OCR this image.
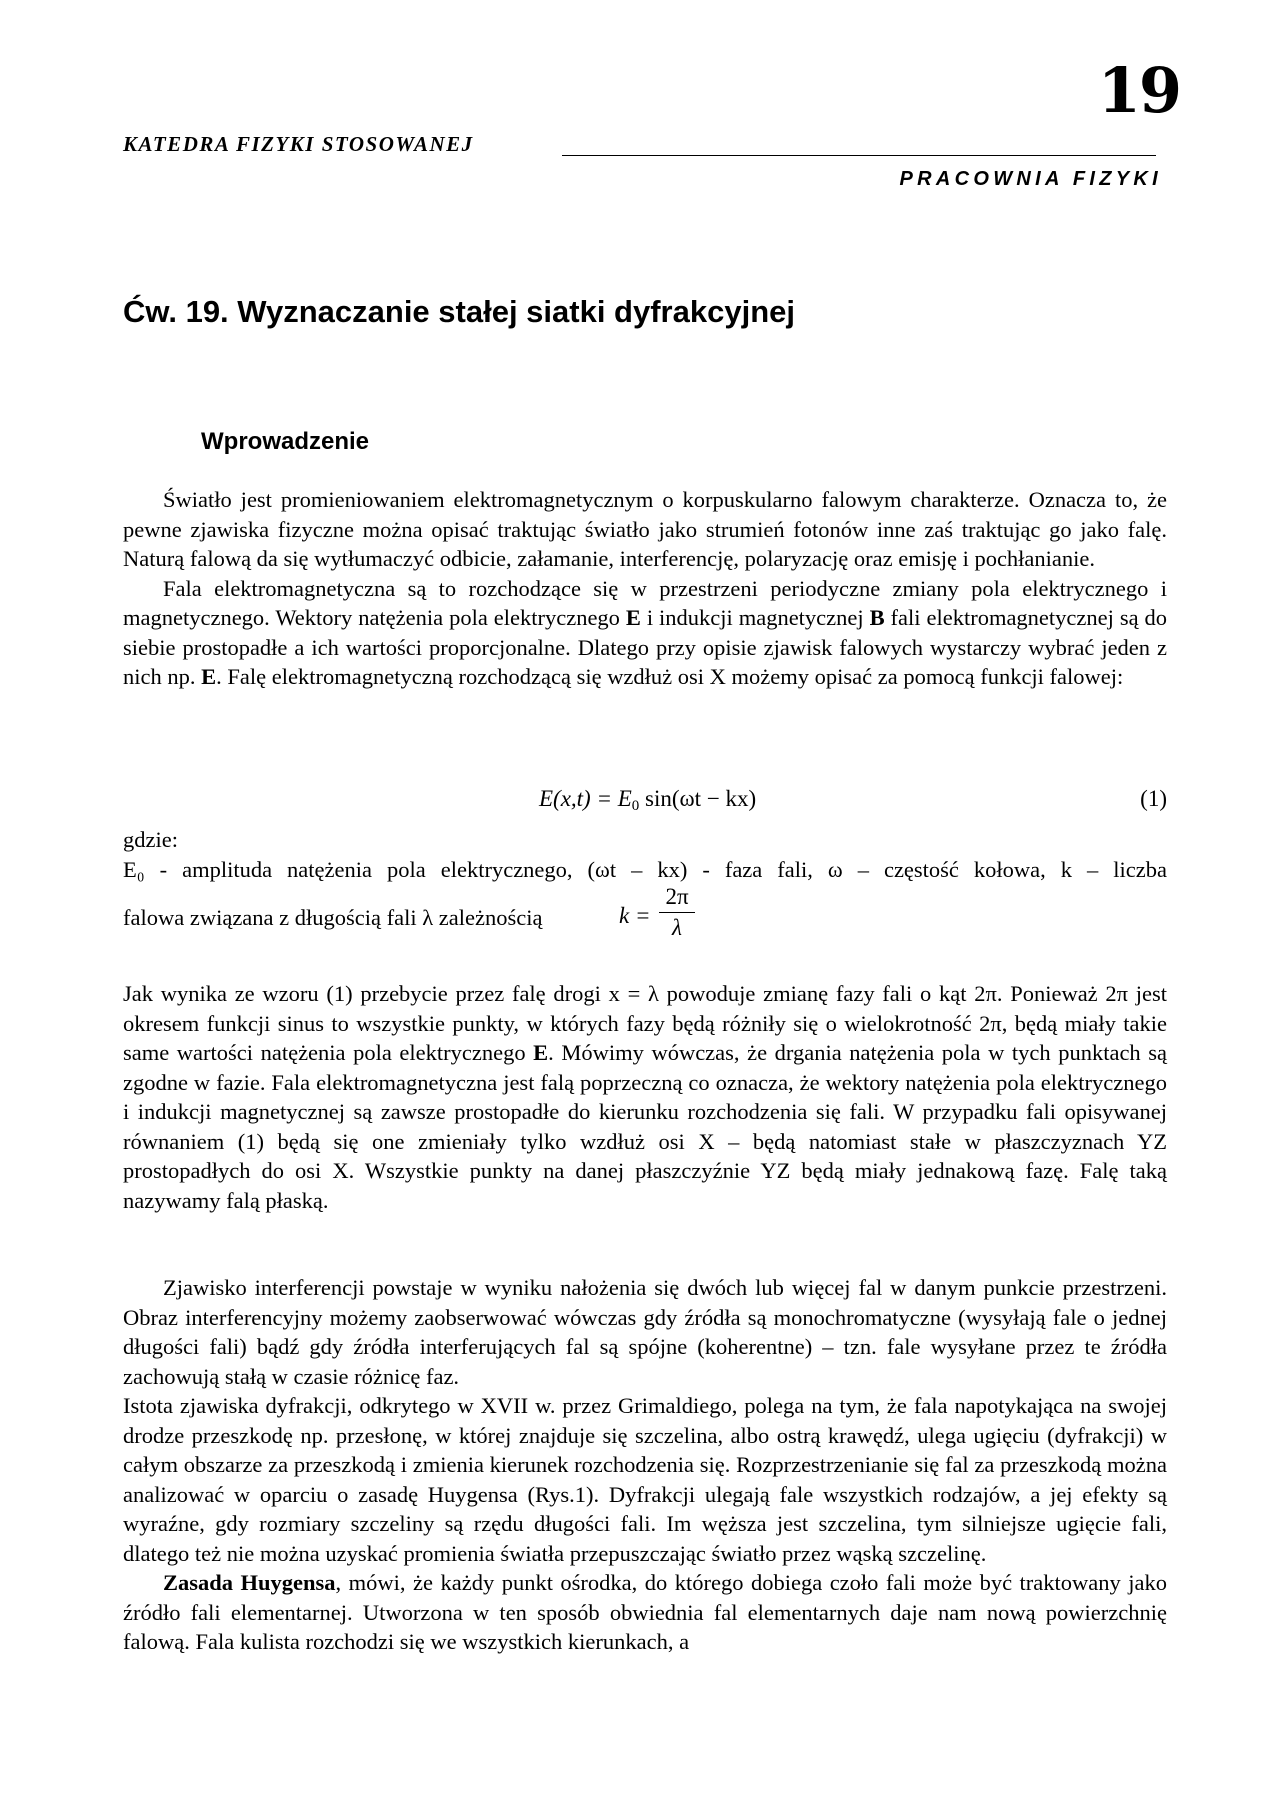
19
KATEDRA FIZYKI STOSOWANEJ
PRACOWNIA FIZYKI
Ćw. 19. Wyznaczanie stałej siatki dyfrakcyjnej
Wprowadzenie

Światło jest promieniowaniem elektromagnetycznym o korpuskularno falowym charakterze. Oznacza to, że pewne zjawiska fizyczne można opisać traktując światło jako strumień fotonów inne zaś traktując go jako falę. Naturą falową da się wytłumaczyć odbicie, załamanie, interferencję, polaryzację oraz emisję i pochłanianie.

Fala elektromagnetyczna są to rozchodzące się w przestrzeni periodyczne zmiany pola elektrycznego i magnetycznego. Wektory natężenia pola elektrycznego E i indukcji magnetycznej B fali elektromagnetycznej są do siebie prostopadłe a ich wartości proporcjonalne. Dlatego przy opisie zjawisk falowych wystarczy wybrać jeden z nich np. E. Falę elektromagnetyczną rozchodzącą się wzdłuż osi X możemy opisać za pomocą funkcji falowej:

$E(x,t) = E_0$ sin(ωt − kx)	(1)
gdzie:
E₀ - amplituda natężenia pola elektrycznego, (ωt – kx) - faza fali, ω – częstość kołowa, k – liczba
falowa związana z długością fali λ zależnością	k =
2π
λ

Jak wynika ze wzoru (1) przebycie przez falę drogi x = λ powoduje zmianę fazy fali o kąt 2π. Ponieważ 2π jest okresem funkcji sinus to wszystkie punkty, w których fazy będą różniły się o wielokrotność 2π, będą miały takie same wartości natężenia pola elektrycznego E. Mówimy wówczas, że drgania natężenia pola w tych punktach są zgodne w fazie. Fala elektromagnetyczna jest falą poprzeczną co oznacza, że wektory natężenia pola elektrycznego i indukcji magnetycznej są zawsze prostopadłe do kierunku rozchodzenia się fali. W przypadku fali opisywanej równaniem (1) będą się one zmieniały tylko wzdłuż osi X – będą natomiast stałe w płaszczyznach YZ prostopadłych do osi X. Wszystkie punkty na danej płaszczyźnie YZ będą miały jednakową fazę. Falę taką nazywamy falą płaską.

Zjawisko interferencji powstaje w wyniku nałożenia się dwóch lub więcej fal w danym punkcie przestrzeni. Obraz interferencyjny możemy zaobserwować wówczas gdy źródła są monochromatyczne (wysyłają fale o jednej długości fali) bądź gdy źródła interferujących fal są spójne (koherentne) – tzn. fale wysyłane przez te źródła zachowują stałą w czasie różnicę faz.

Istota zjawiska dyfrakcji, odkrytego w XVII w. przez Grimaldiego, polega na tym, że fala napotykająca na swojej drodze przeszkodę np. przesłonę, w której znajduje się szczelina, albo ostrą krawędź, ulega ugięciu (dyfrakcji) w całym obszarze za przeszkodą i zmienia kierunek rozchodzenia się. Rozprzestrzenianie się fal za przeszkodą można analizować w oparciu o zasadę Huygensa (Rys.1). Dyfrakcji ulegają fale wszystkich rodzajów, a jej efekty są wyraźne, gdy rozmiary szczeliny są rzędu długości fali. Im węższa jest szczelina, tym silniejsze ugięcie fali, dlatego też nie można uzyskać promienia światła przepuszczając światło przez wąską szczelinę.

Zasada Huygensa, mówi, że każdy punkt ośrodka, do którego dobiega czoło fali może być traktowany jako źródło fali elementarnej. Utworzona w ten sposób obwiednia fal elementarnych daje nam nową powierzchnię falową. Fala kulista rozchodzi się we wszystkich kierunkach, a
